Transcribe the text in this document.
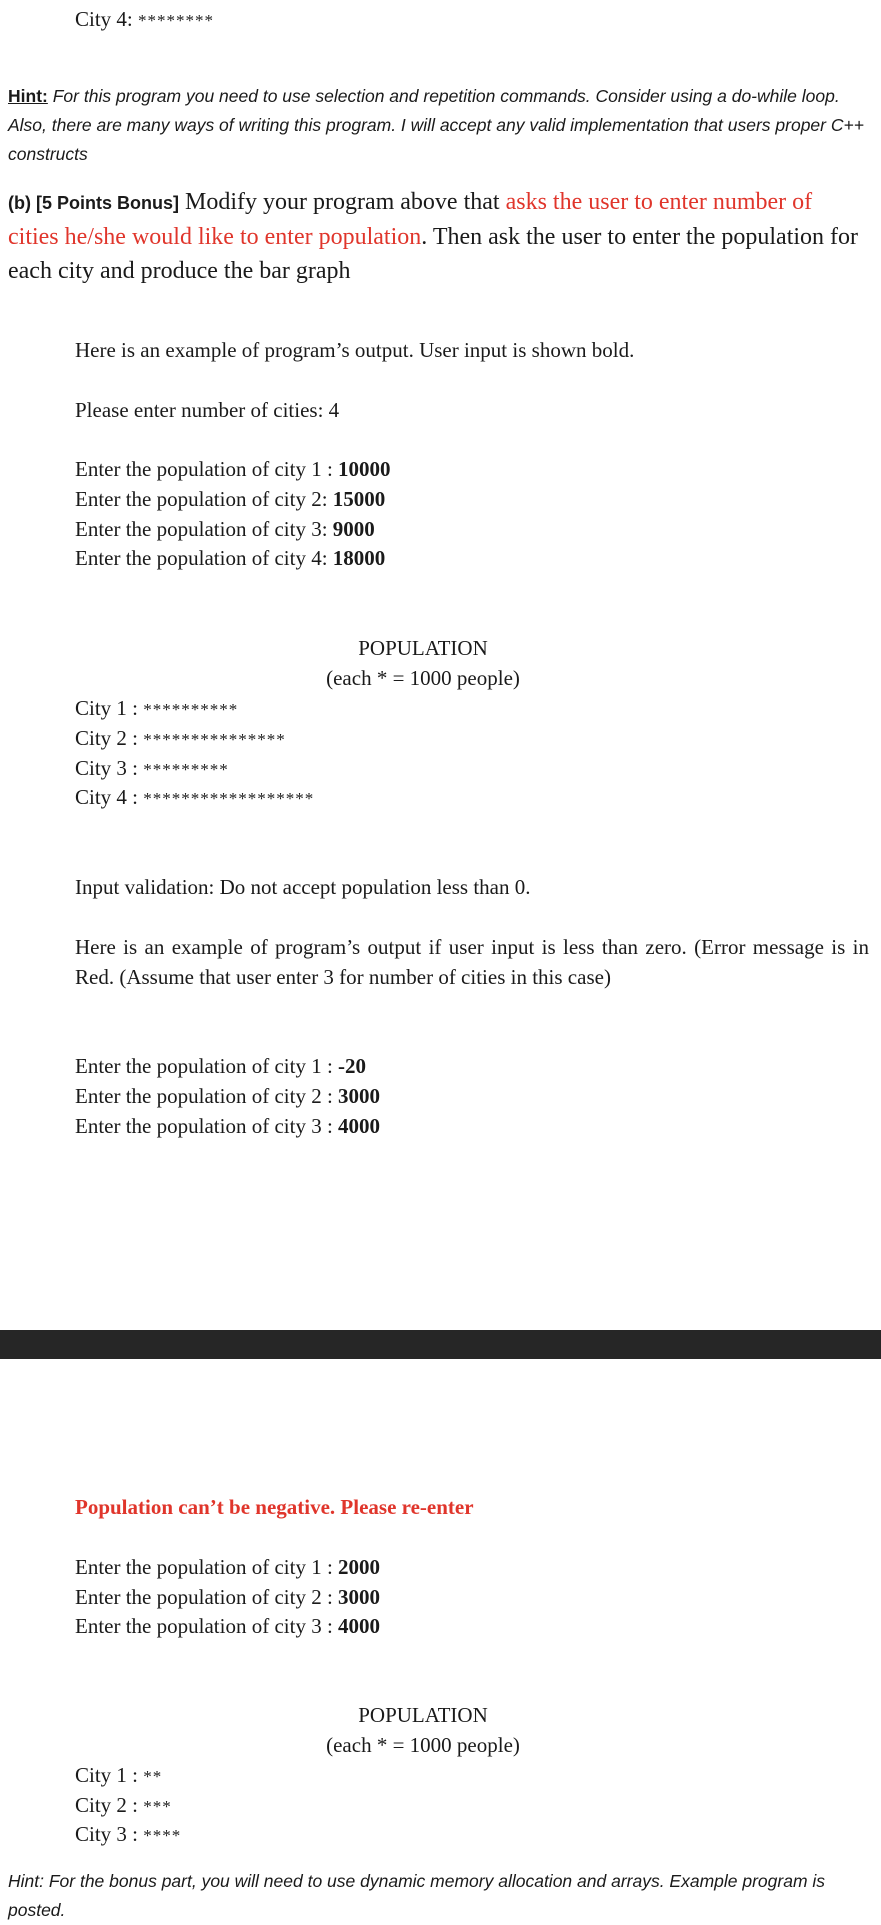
City 4: ********
Hint: For this program you need to use selection and repetition commands. Consider using a do-while loop. Also, there are many ways of writing this program. I will accept any valid implementation that users proper C++ constructs
(b) [5 Points Bonus] Modify your program above that asks the user to enter number of cities he/she would like to enter population. Then ask the user to enter the population for each city and produce the bar graph
Here is an example of program’s output. User input is shown bold.
Please enter number of cities: 4
Enter the population of city 1 : 10000
Enter the population of city 2: 15000
Enter the population of city 3: 9000
Enter the population of city 4: 18000
POPULATION
(each * = 1000 people)
City 1 : **********
City 2 : ***************
City 3 : *********
City 4 : ******************
Input validation: Do not accept population less than 0.
Here is an example of program’s output if user input is less than zero. (Error message is in Red. (Assume that user enter 3 for number of cities in this case)
Enter the population of city 1 : -20
Enter the population of city 2 : 3000
Enter the population of city 3 : 4000
Population can’t be negative. Please re-enter
Enter the population of city 1 : 2000
Enter the population of city 2 : 3000
Enter the population of city 3 : 4000
POPULATION
(each * = 1000 people)
City 1 : **
City 2 : ***
City 3 : ****
Hint: For the bonus part, you will need to use dynamic memory allocation and arrays. Example program is posted.
